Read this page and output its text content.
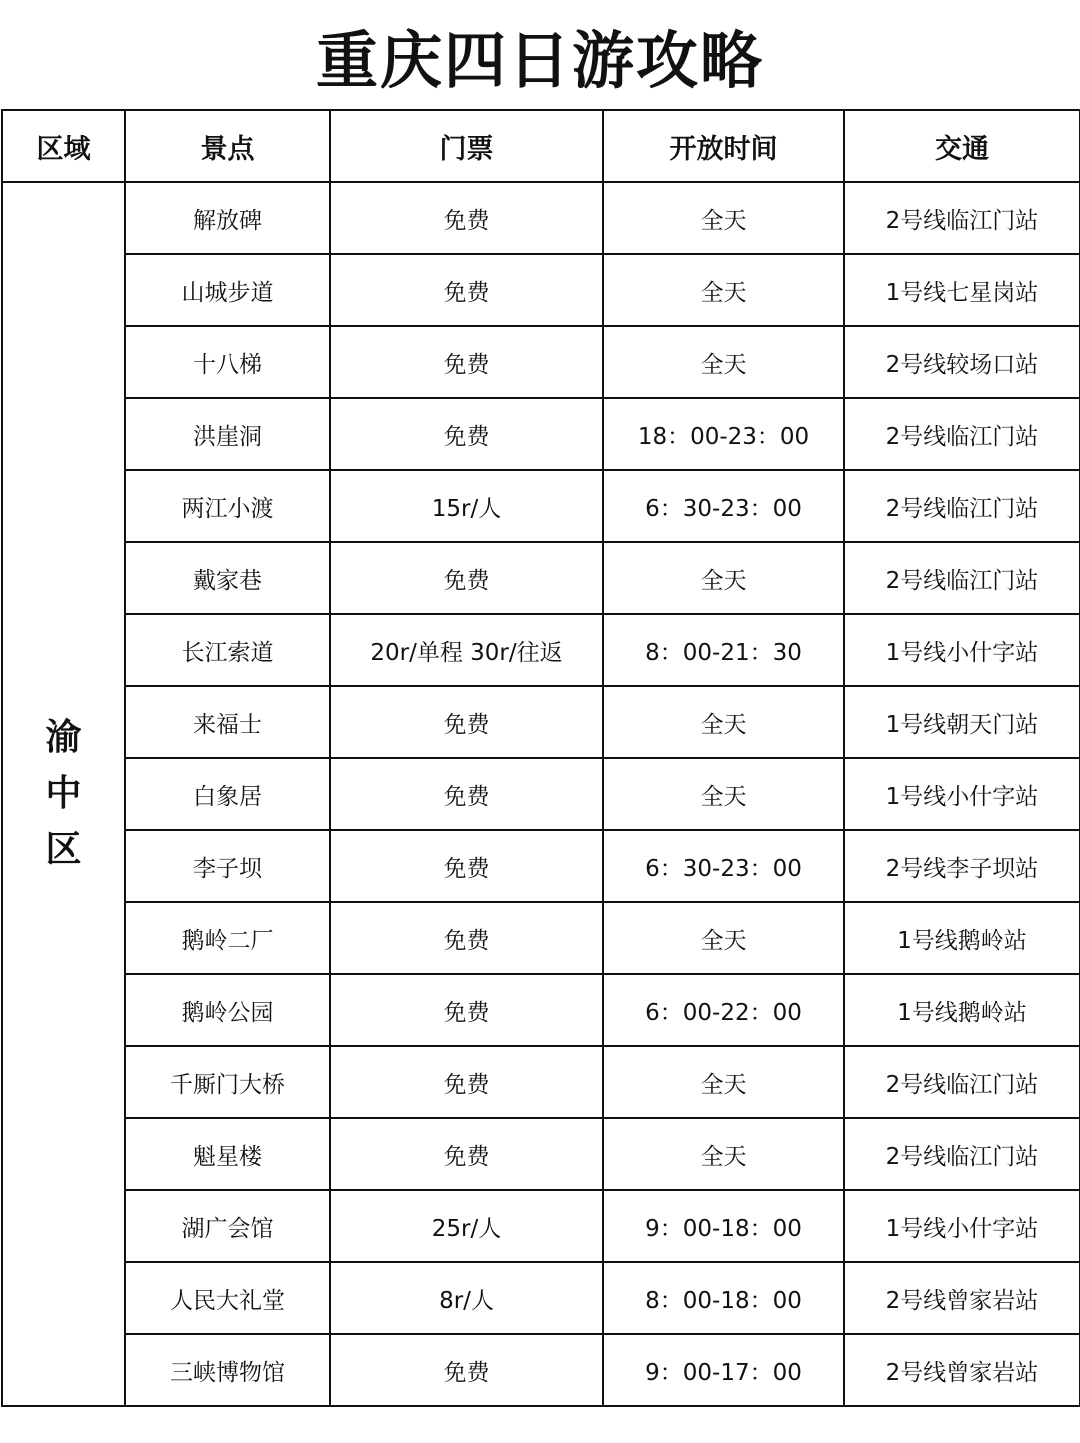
重庆四日游攻略
区域	景点	门票	开放时间	交通
渝中区	解放碑	免费	全天	2号线临江门站
	山城步道	免费	全天	1号线七星岗站
	十八梯	免费	全天	2号线较场口站
	洪崖洞	免费	18：00-23：00	2号线临江门站
	两江小渡	15r/人	6：30-23：00	2号线临江门站
	戴家巷	免费	全天	2号线临江门站
	长江索道	20r/单程 30r/往返	8：00-21：30	1号线小什字站
	来福士	免费	全天	1号线朝天门站
	白象居	免费	全天	1号线小什字站
	李子坝	免费	6：30-23：00	2号线李子坝站
	鹅岭二厂	免费	全天	1号线鹅岭站
	鹅岭公园	免费	6：00-22：00	1号线鹅岭站
	千厮门大桥	免费	全天	2号线临江门站
	魁星楼	免费	全天	2号线临江门站
	湖广会馆	25r/人	9：00-18：00	1号线小什字站
	人民大礼堂	8r/人	8：00-18：00	2号线曾家岩站
	三峡博物馆	免费	9：00-17：00	2号线曾家岩站
